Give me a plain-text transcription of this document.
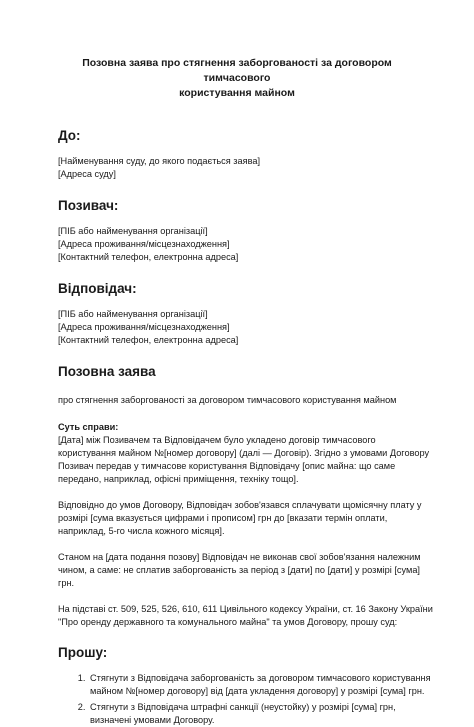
Позовна заява про стягнення заборгованості за договором тимчасового
користування майном
До:
[Найменування суду, до якого подається заява]
[Адреса суду]
Позивач:
[ПІБ або найменування організації]
[Адреса проживання/місцезнаходження]
[Контактний телефон, електронна адреса]
Відповідач:
[ПІБ або найменування організації]
[Адреса проживання/місцезнаходження]
[Контактний телефон, електронна адреса]
Позовна заява
про стягнення заборгованості за договором тимчасового користування майном
Суть справи:
[Дата] між Позивачем та Відповідачем було укладено договір тимчасового
користування майном №[номер договору] (далі — Договір). Згідно з умовами Договору
Позивач передав у тимчасове користування Відповідачу [опис майна: що саме
передано, наприклад, офісні приміщення, техніку тощо].
Відповідно до умов Договору, Відповідач зобов'язався сплачувати щомісячну плату у
розмірі [сума вказується цифрами і прописом] грн до [вказати термін оплати,
наприклад, 5-го числа кожного місяця].
Станом на [дата подання позову] Відповідач не виконав свої зобов'язання належним
чином, а саме: не сплатив заборгованість за період з [дати] по [дати] у розмірі [сума]
грн.
На підставі ст. 509, 525, 526, 610, 611 Цивільного кодексу України, ст. 16 Закону України
"Про оренду державного та комунального майна" та умов Договору, прошу суд:
Прошу:
1. Стягнути з Відповідача заборгованість за договором тимчасового користування
майном №[номер договору] від [дата укладення договору] у розмірі [сума] грн.
2. Стягнути з Відповідача штрафні санкції (неустойку) у розмірі [сума] грн,
визначені умовами Договору.
